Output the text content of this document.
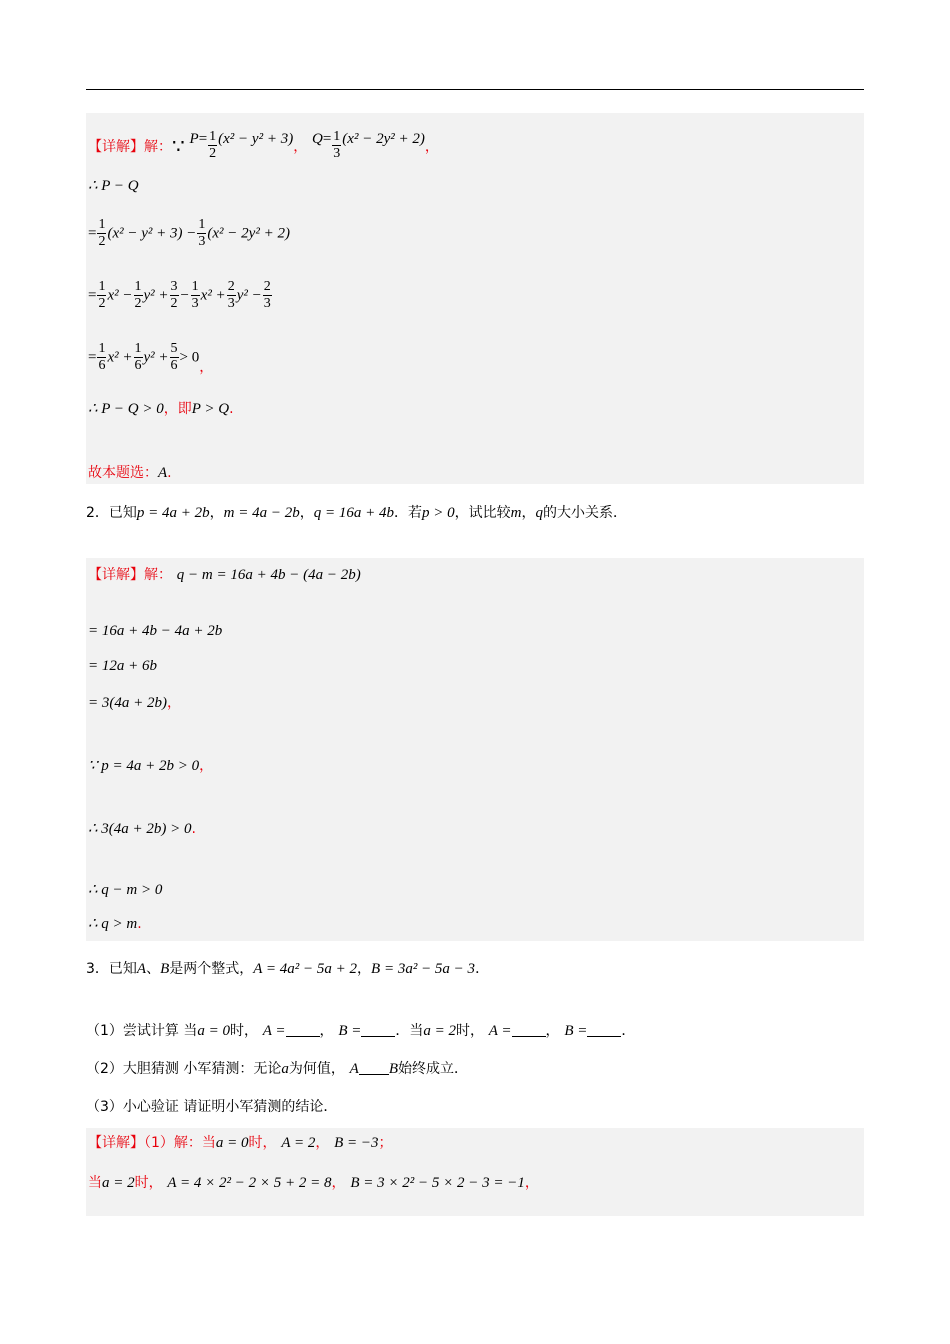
【详解】解：∵ $P= \frac{1}{2} (x^2 - y^2 + 3)$， $Q= \frac{1}{3} (x^2 - 2y^2 + 2)$，
∴ P − Q
= $\frac{1}{2} (x^2 - y^2 + 3) - \frac{1}{3} (x^2 - 2y^2 + 2)$
= $\frac{1}{2} x^2 - \frac{1}{2} y^2 + \frac{3}{2} - \frac{1}{3} x^2 + \frac{2}{3} y^2 - \frac{2}{3}$
= $\frac{1}{6} x^2 + \frac{1}{6} y^2 + \frac{5}{6} > 0$，
∴ P − Q > 0，即P > Q.
故本题选：A.
2．已知p = 4a + 2b，m = 4a − 2b，q = 16a + 4b．若p > 0，试比较m，q的大小关系．
【详解】解： q − m = 16a + 4b − (4a − 2b)
= 16a + 4b − 4a + 2b
= 12a + 6b
= 3(4a + 2b)，
∵ p = 4a + 2b > 0，
∴ 3(4a + 2b) > 0.
∴ q − m > 0
∴ q > m.
3．已知A、B是两个整式，A = 4a² − 5a + 2，B = 3a² − 5a − 3．
（1）尝试计算 当a = 0时， A = ， B = ．当a = 2时， A = ， B = ．
（2）大胆猜测 小军猜测：无论a为何值， A B始终成立．
（3）小心验证 请证明小军猜测的结论．
【详解】（1）解：当a = 0时， A = 2， B = −3；
当a = 2时， A = 4 × 2² − 2 × 5 + 2 = 8， B = 3 × 2² − 5 × 2 − 3 = −1，
